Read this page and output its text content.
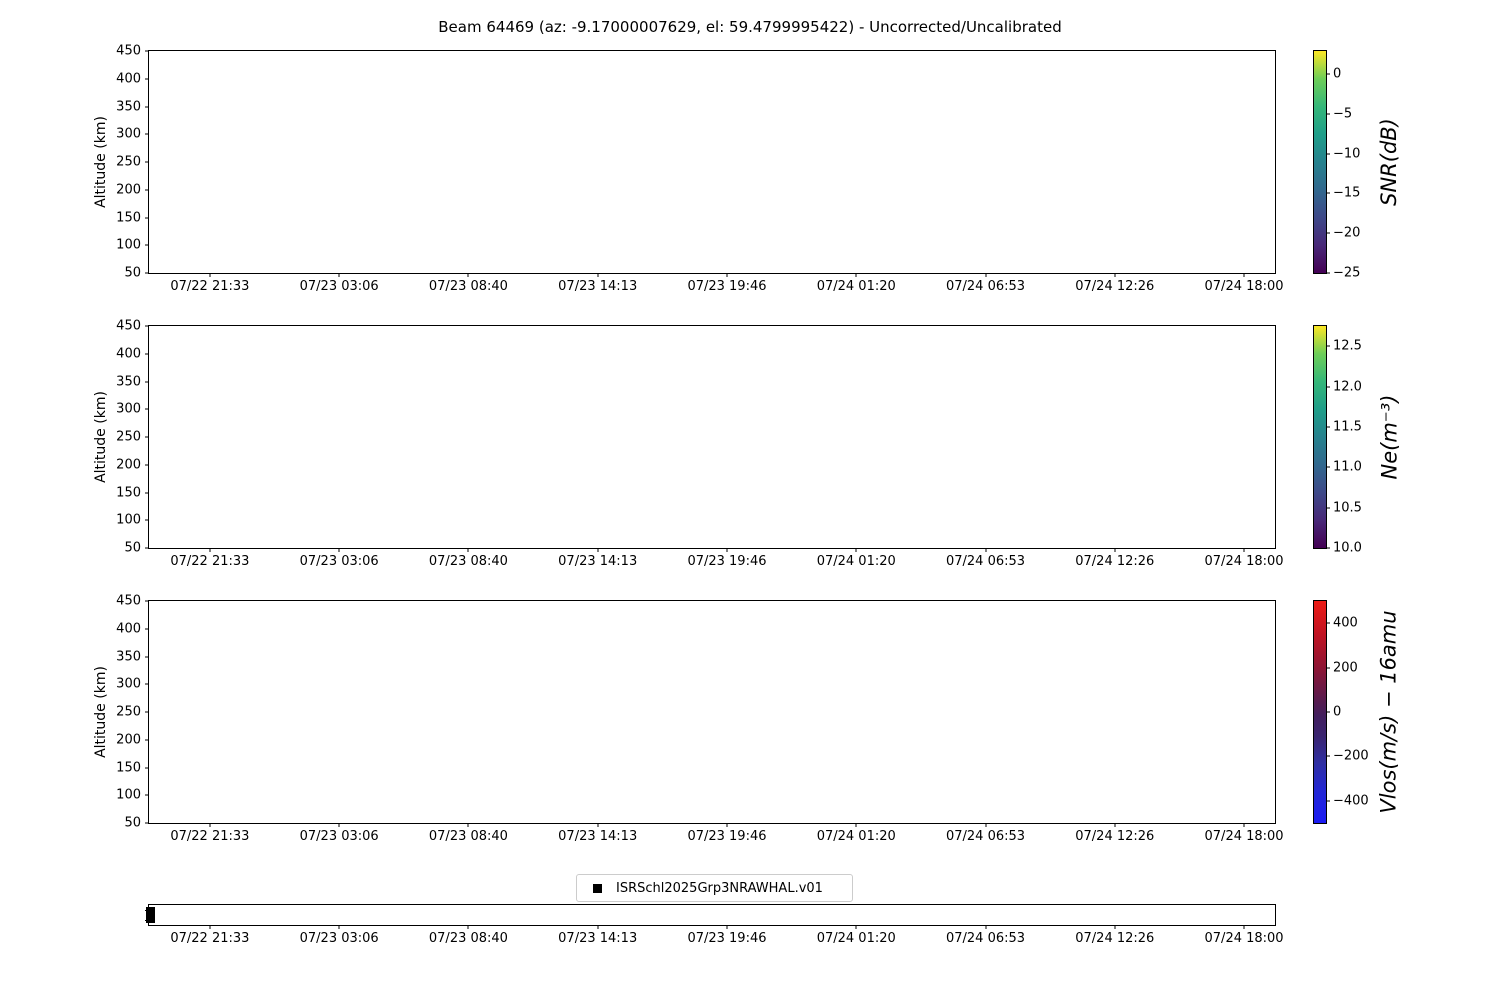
Beam 64469 (az: -9.17000007629, el: 59.4799995422) - Uncorrected/Uncalibrated
Altitude (km)
Altitude (km)
Altitude (km)
07/22 21:33	07/23 03:06	07/23 08:40	07/23 14:13	07/23 19:46	07/24 01:20	07/24 06:53	07/24 12:26	07/24 18:00
450
400
350
300
250
200
150
100
50
07/22 21:33	07/23 03:06	07/23 08:40	07/23 14:13	07/23 19:46	07/24 01:20	07/24 06:53	07/24 12:26	07/24 18:00
450
400
350
300
250
200
150
100
50
07/22 21:33	07/23 03:06	07/23 08:40	07/23 14:13	07/23 19:46	07/24 01:20	07/24 06:53	07/24 12:26	07/24 18:00
450
400
350
300
250
200
150
100
50
0
−5
−10
−15
−20
−25
12.5
12.0
11.5
11.0
10.5
10.0
400
200
0
−200
−400
SNR(dB)
Ne(m⁻³)
Vlos(m/s) − 16amu
ISRSchl2025Grp3NRAWHAL.v01
07/22 21:33	07/23 03:06	07/23 08:40	07/23 14:13	07/23 19:46	07/24 01:20	07/24 06:53	07/24 12:26	07/24 18:00
